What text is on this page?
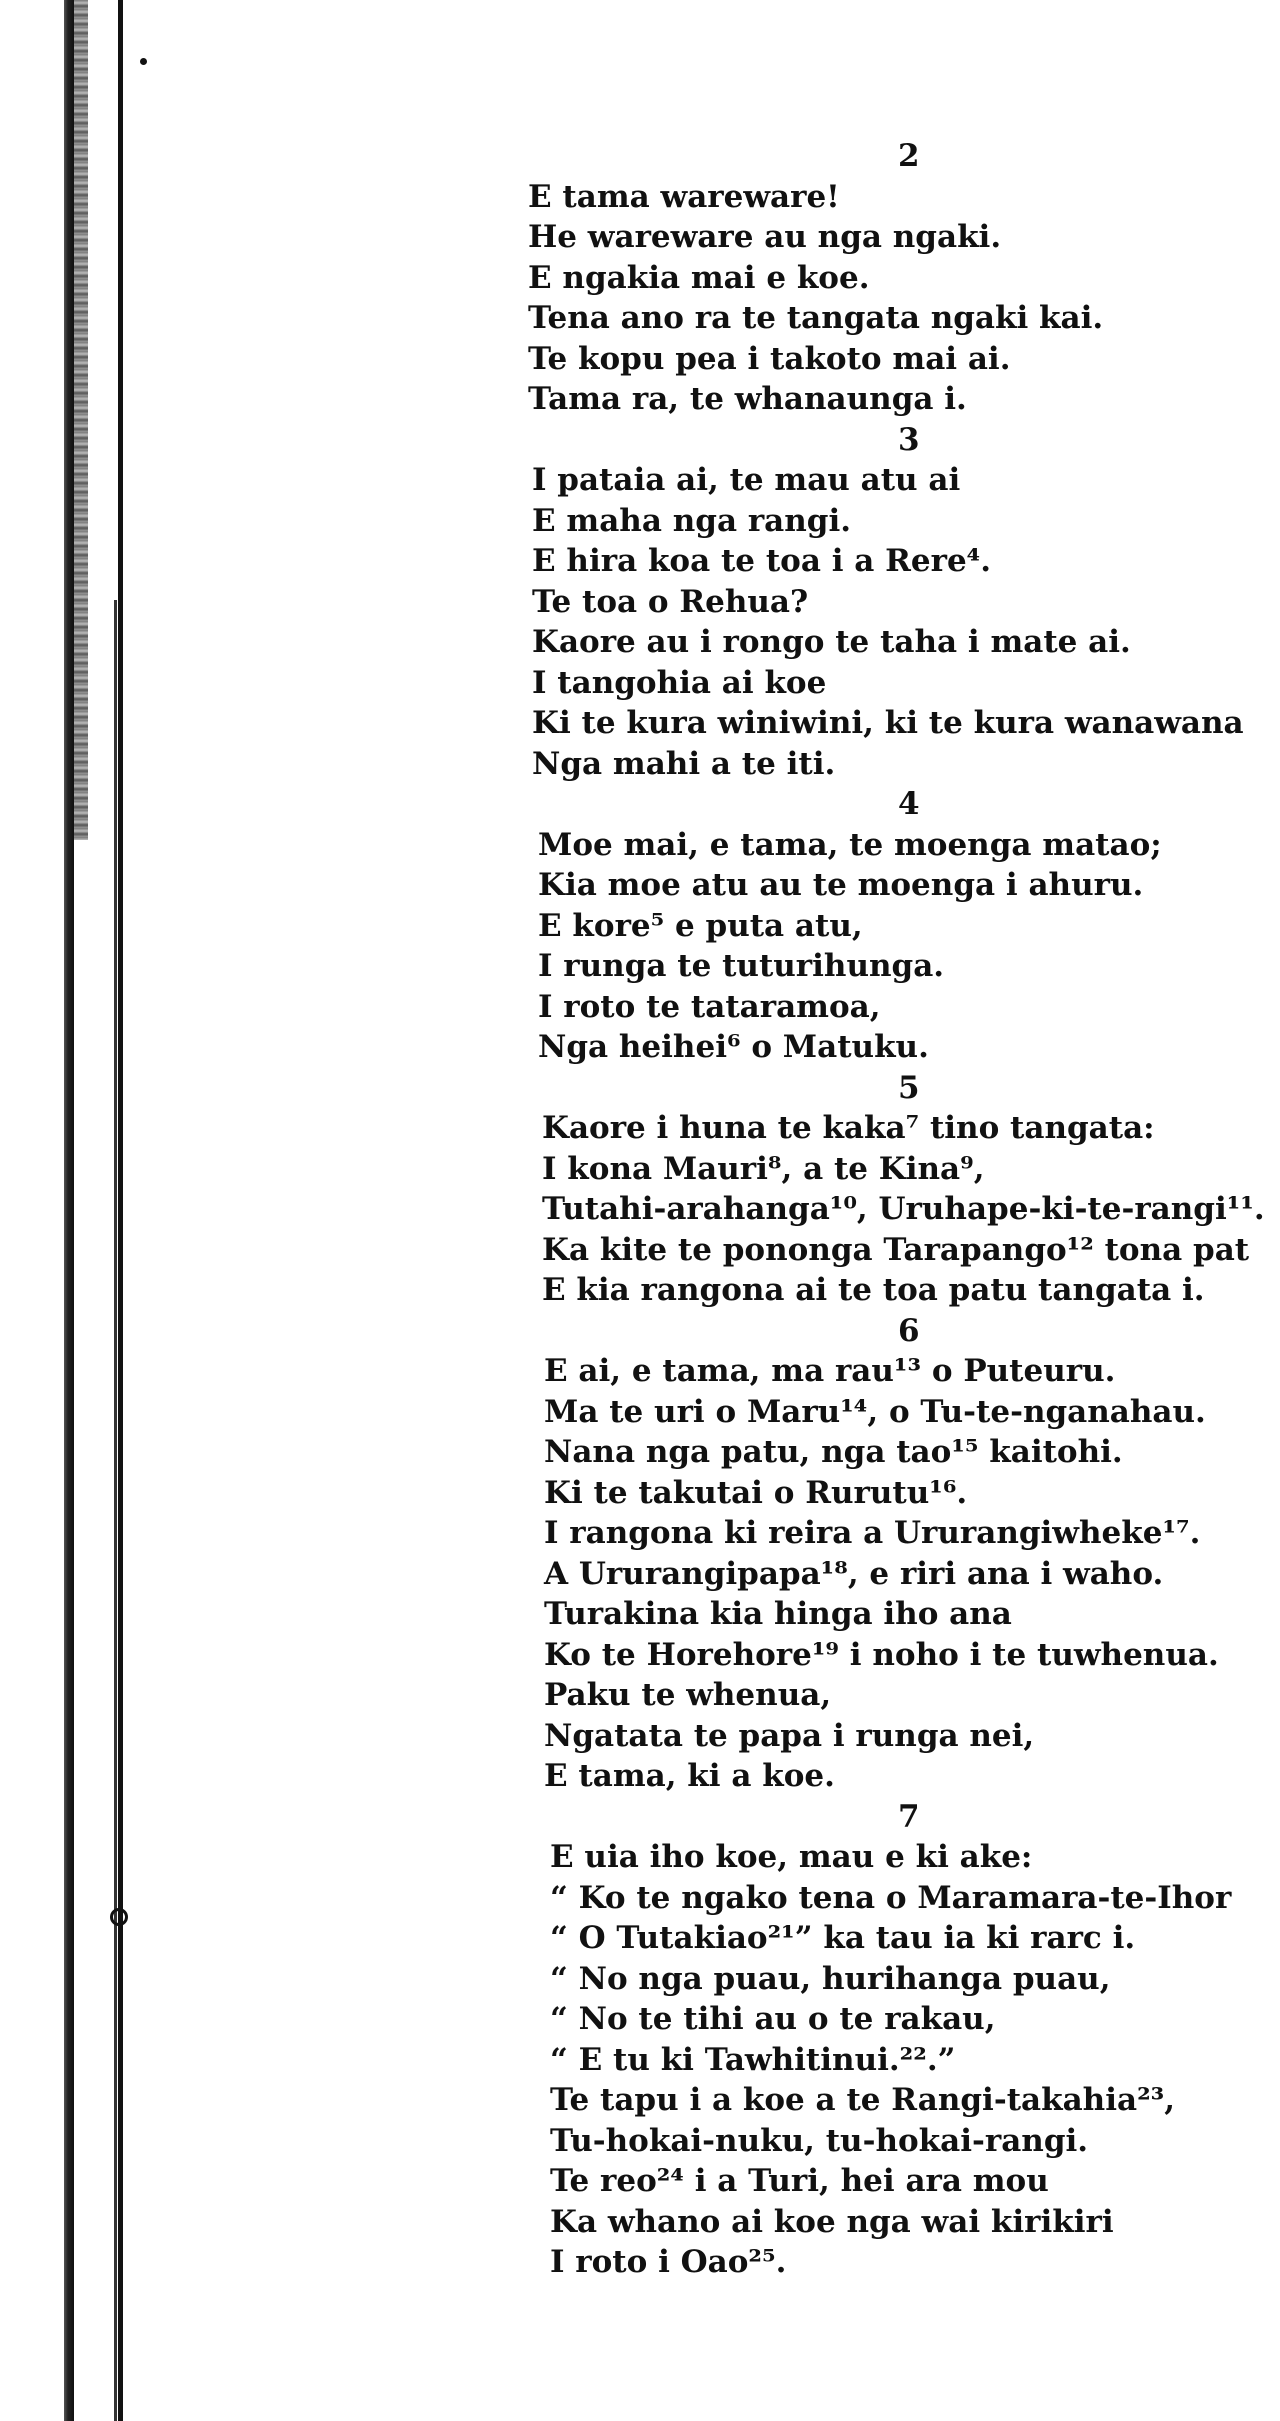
2
E tama wareware!
He wareware au nga ngaki.
E ngakia mai e koe.
Tena ano ra te tangata ngaki kai.
Te kopu pea i takoto mai ai.
Tama ra, te whanaunga i.
3
I pataia ai, te mau atu ai
E maha nga rangi.
E hira koa te toa i a Rere⁴.
Te toa o Rehua?
Kaore au i rongo te taha i mate ai.
I tangohia ai koe
Ki te kura winiwini, ki te kura wanawana
Nga mahi a te iti.
4
Moe mai, e tama, te moenga matao;
Kia moe atu au te moenga i ahuru.
E kore⁵ e puta atu,
I runga te tuturihunga.
I roto te tataramoa,
Nga heihei⁶ o Matuku.
5
Kaore i huna te kaka⁷ tino tangata:
I kona Mauri⁸, a te Kina⁹,
Tutahi-arahanga¹⁰, Uruhape-ki-te-rangi¹¹.
Ka kite te pononga Tarapango¹² tona pat
E kia rangona ai te toa patu tangata i.
6
E ai, e tama, ma rau¹³ o Puteuru.
Ma te uri o Maru¹⁴, o Tu-te-nganahau.
Nana nga patu, nga tao¹⁵ kaitohi.
Ki te takutai o Rurutu¹⁶.
I rangona ki reira a Ururangiwheke¹⁷.
A Ururangipapa¹⁸, e riri ana i waho.
Turakina kia hinga iho ana
Ko te Horehore¹⁹ i noho i te tuwhenua.
Paku te whenua,
Ngatata te papa i runga nei,
E tama, ki a koe.
7
E uia iho koe, mau e ki ake:
“ Ko te ngako tena o Maramara-te-Ihor
“ O Tutakiao²¹” ka tau ia ki rarc i.
“ No nga puau, hurihanga puau,
“ No te tihi au o te rakau,
“ E tu ki Tawhitinui.²².”
Te tapu i a koe a te Rangi-takahia²³,
Tu-hokai-nuku, tu-hokai-rangi.
Te reo²⁴ i a Turi, hei ara mou
Ka whano ai koe nga wai kirikiri
I roto i Oao²⁵.
